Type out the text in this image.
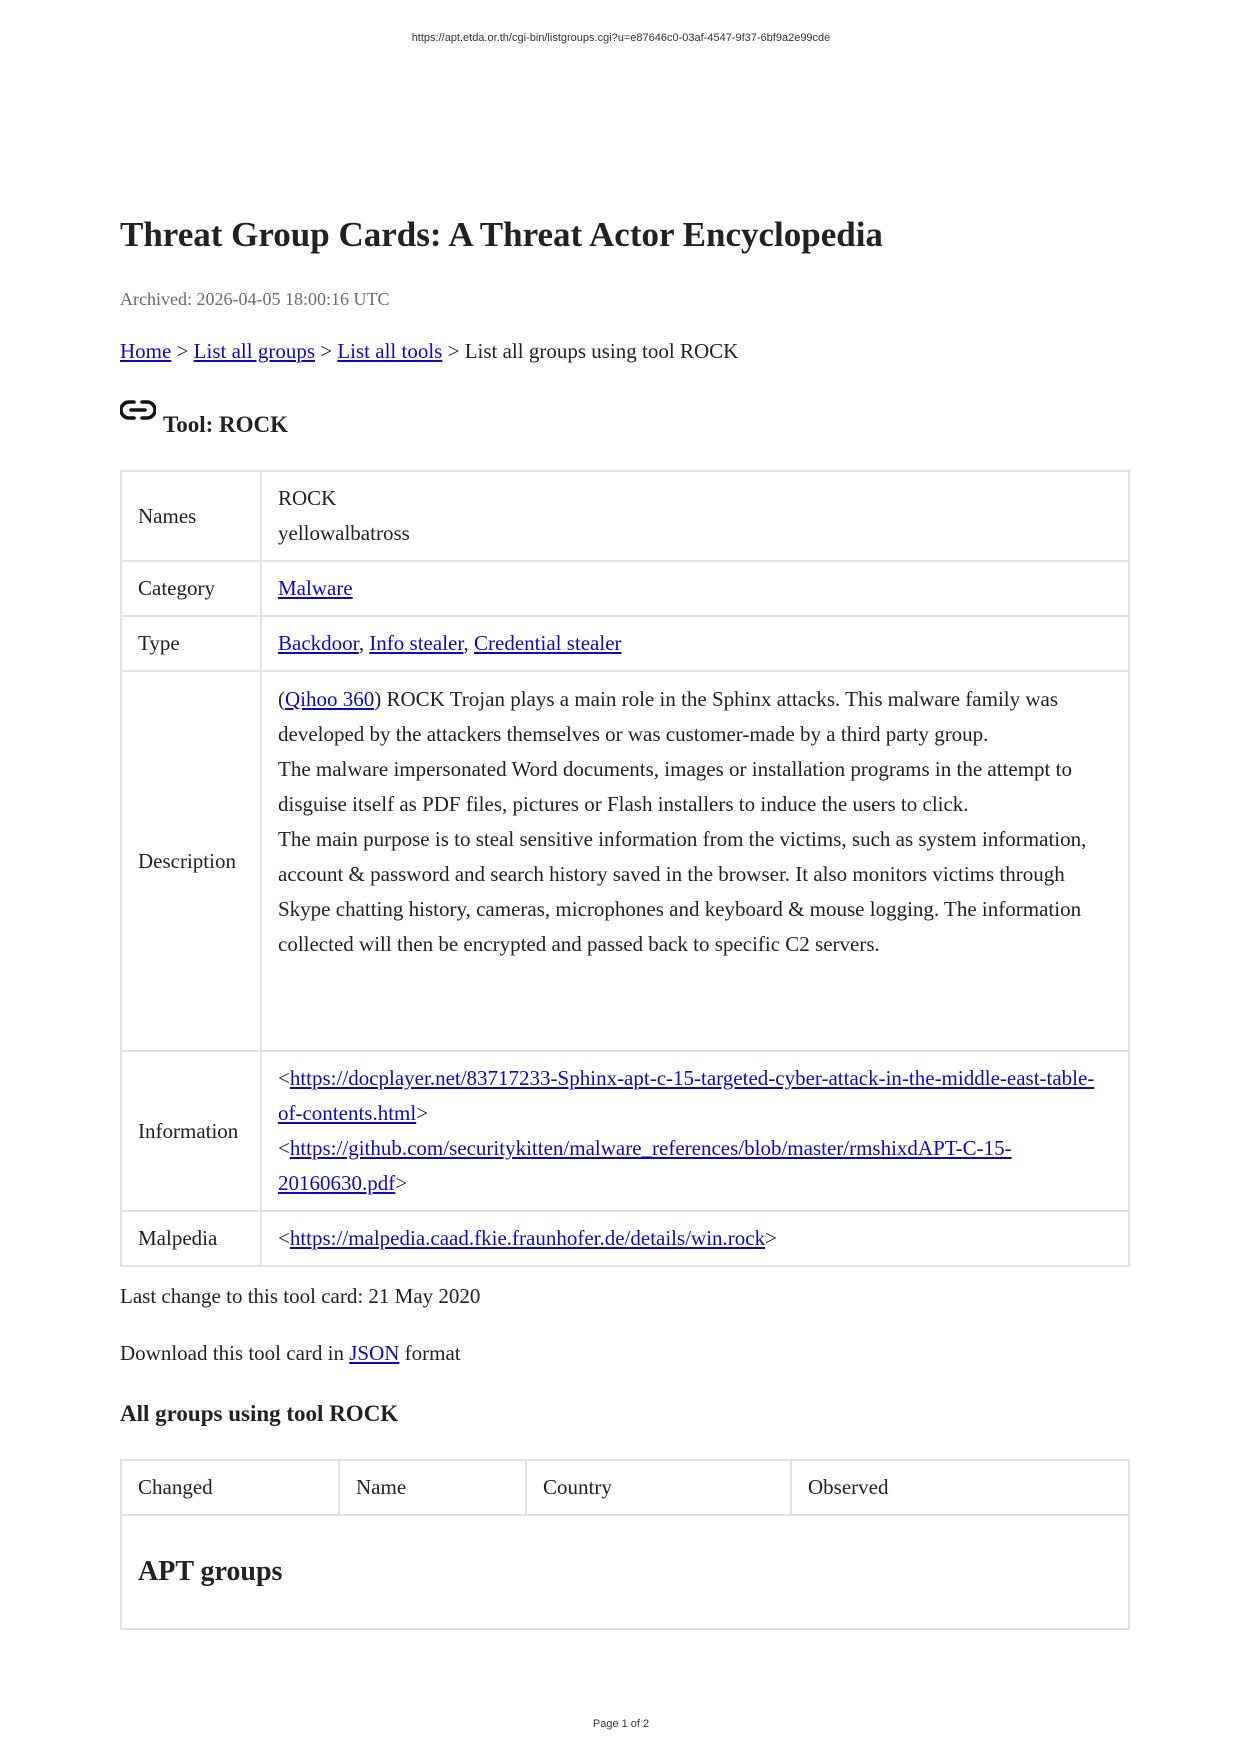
https://apt.etda.or.th/cgi-bin/listgroups.cgi?u=e87646c0-03af-4547-9f37-6bf9a2e99cde
Threat Group Cards: A Threat Actor Encyclopedia
Archived: 2026-04-05 18:00:16 UTC
Home > List all groups > List all tools > List all groups using tool ROCK
Tool: ROCK
Names	ROCK
yellowalbatross

Category	Malware
Type	Backdoor, Info stealer, Credential stealer
Description	(Qihoo 360) ROCK Trojan plays a main role in the Sphinx attacks. This malware family was developed by the attackers themselves or was customer-made by a third party group.

The malware impersonated Word documents, images or installation programs in the attempt to disguise itself as PDF files, pictures or Flash installers to induce the users to click.

The main purpose is to steal sensitive information from the victims, such as system information, account & password and search history saved in the browser. It also monitors victims through Skype chatting history, cameras, microphones and keyboard & mouse logging. The information collected will then be encrypted and passed back to specific C2 servers.

Information	<https://docplayer.net/83717233-Sphinx-apt-c-15-targeted-cyber-attack-in-the-middle-east-table-of-contents.html>
<https://github.com/securitykitten/malware_references/blob/master/rmshixdAPT-C-15-20160630.pdf>

Malpedia	<https://malpedia.caad.fkie.fraunhofer.de/details/win.rock>
Last change to this tool card: 21 May 2020
Download this tool card in JSON format
All groups using tool ROCK
Changed	Name	Country	Observed
APT groups
Page 1 of 2
